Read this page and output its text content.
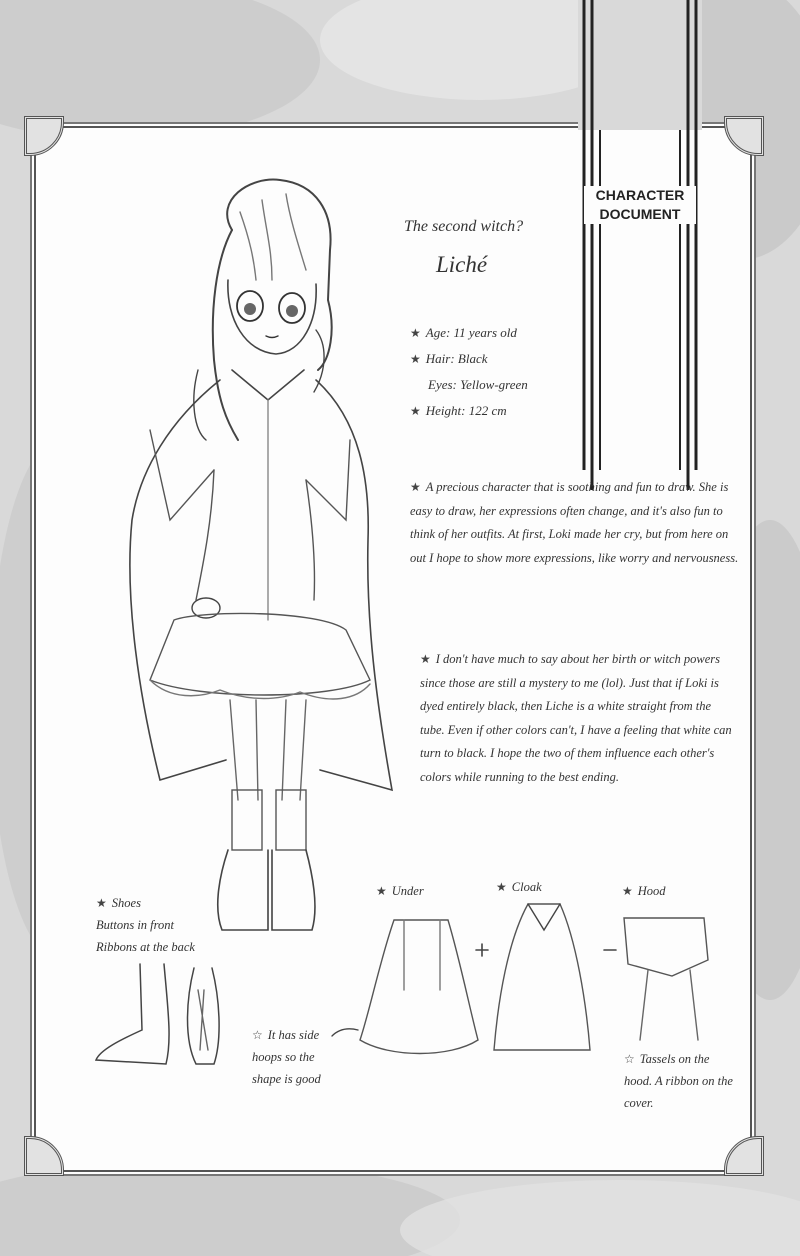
CHARACTER
DOCUMENT
The second witch?
Liché
★ Age: 11 years old
★ Hair: Black
Eyes: Yellow-green
★ Height: 122 cm
★ A precious character that is soothing and fun to draw. She is easy to draw, her expressions often change, and it's also fun to think of her outfits. At first, Loki made her cry, but from here on out I hope to show more expressions, like worry and nervousness.
★ I don't have much to say about her birth or witch powers since those are still a mystery to me (lol). Just that if Loki is dyed entirely black, then Liche is a white straight from the tube. Even if other colors can't, I have a feeling that white can turn to black. I hope the two of them influence each other's colors while running to the best ending.
★ Shoes
Buttons in front
Ribbons at the back
★ Under	★ Cloak	★ Hood
☆ It has side hoops so the shape is good
☆ Tassels on the hood. A ribbon on the cover.
